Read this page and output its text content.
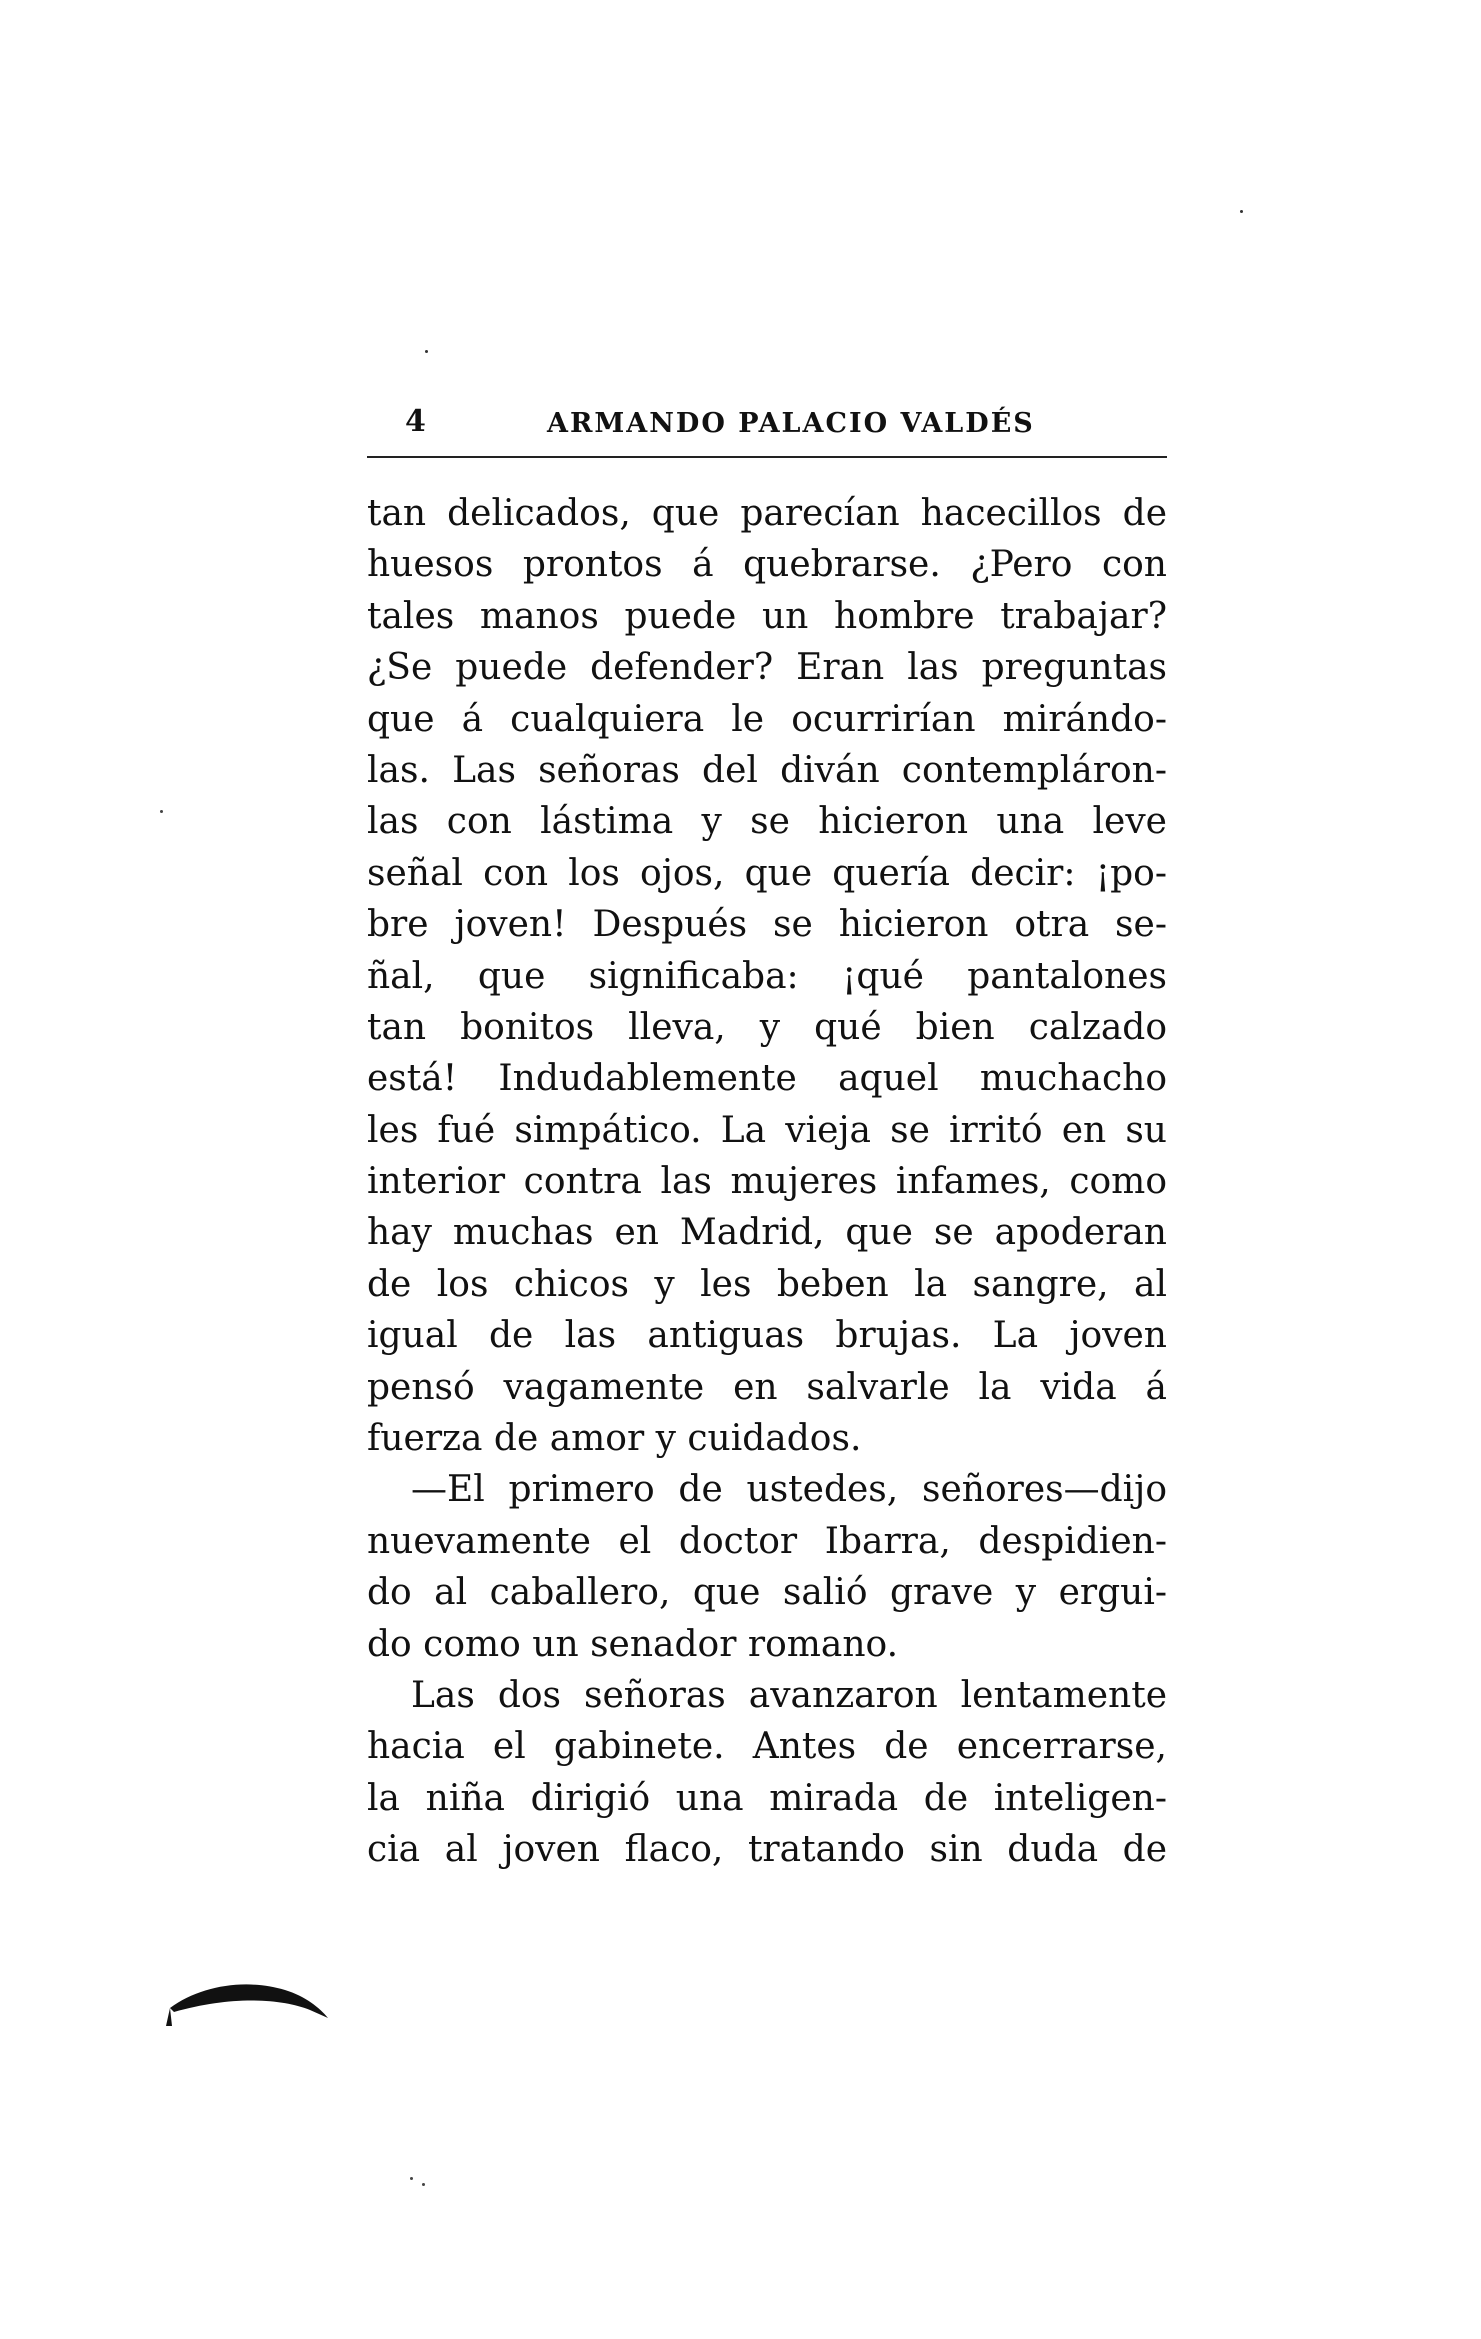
4	ARMANDO PALACIO VALDÉS
tan delicados, que parecían hacecillos de
huesos prontos á quebrarse. ¿Pero con
tales manos puede un hombre trabajar?
¿Se puede defender? Eran las preguntas
que á cualquiera le ocurrirían mirándo-
las. Las señoras del diván contempláron-
las con lástima y se hicieron una leve
señal con los ojos, que quería decir: ¡po-
bre joven! Después se hicieron otra se-
ñal, que significaba: ¡qué pantalones
tan bonitos lleva, y qué bien calzado
está! Indudablemente aquel muchacho
les fué simpático. La vieja se irritó en su
interior contra las mujeres infames, como
hay muchas en Madrid, que se apoderan
de los chicos y les beben la sangre, al
igual de las antiguas brujas. La joven
pensó vagamente en salvarle la vida á
fuerza de amor y cuidados.
—El primero de ustedes, señores—dijo
nuevamente el doctor Ibarra, despidien-
do al caballero, que salió grave y ergui-
do como un senador romano.
Las dos señoras avanzaron lentamente
hacia el gabinete. Antes de encerrarse,
la niña dirigió una mirada de inteligen-
cia al joven flaco, tratando sin duda de
